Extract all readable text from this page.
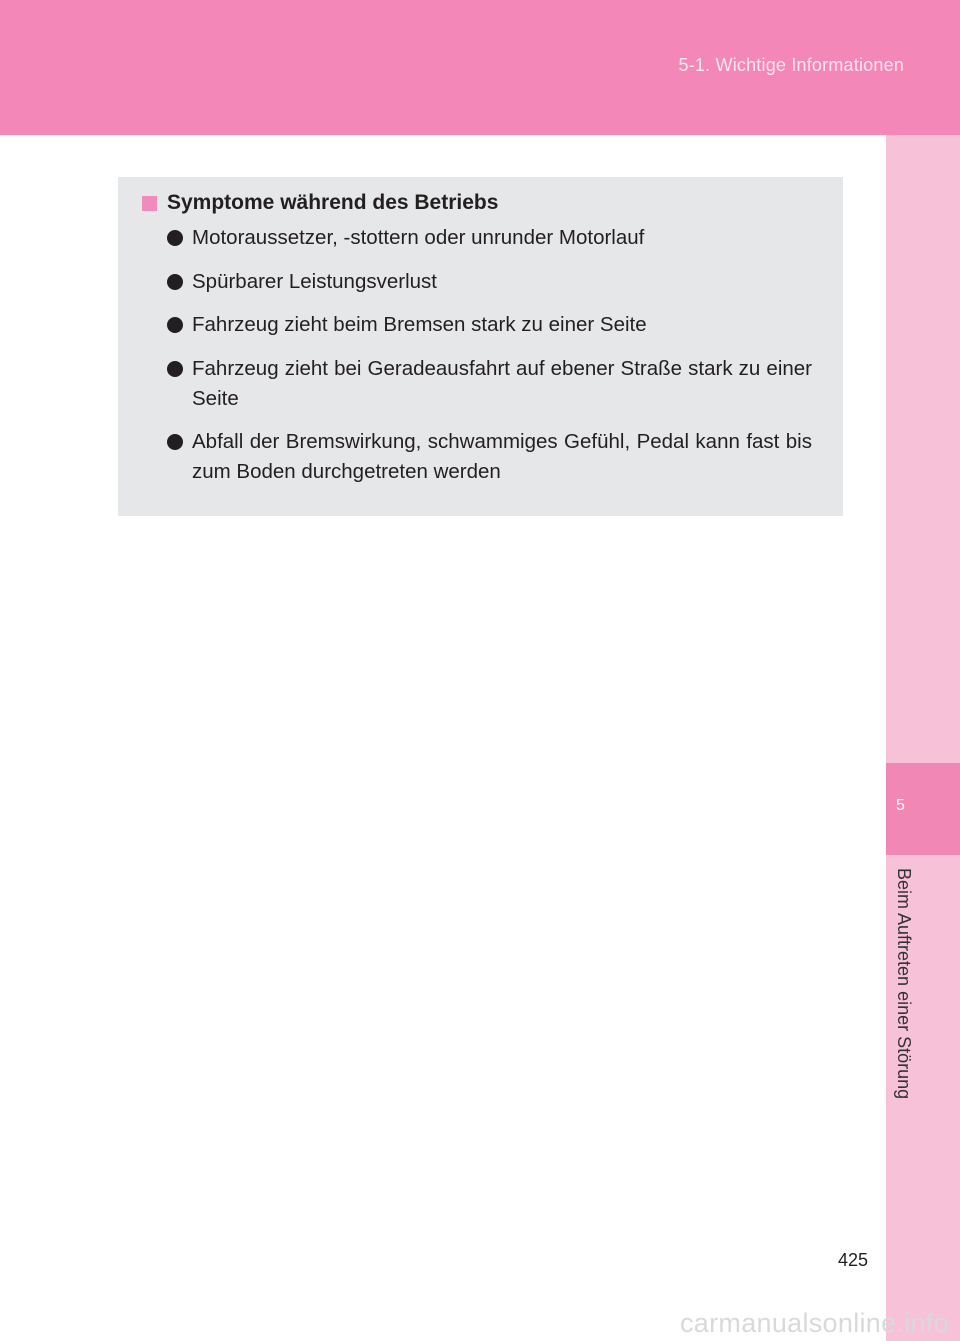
5-1. Wichtige Informationen
5
Beim Auftreten einer Störung
Symptome während des Betriebs
Motoraussetzer, -stottern oder unrunder Motorlauf
Spürbarer Leistungsverlust
Fahrzeug zieht beim Bremsen stark zu einer Seite
Fahrzeug zieht bei Geradeausfahrt auf ebener Straße stark zu einer Seite
Abfall der Bremswirkung, schwammiges Gefühl, Pedal kann fast bis zum Boden durchgetreten werden
425
carmanualsonline.info
